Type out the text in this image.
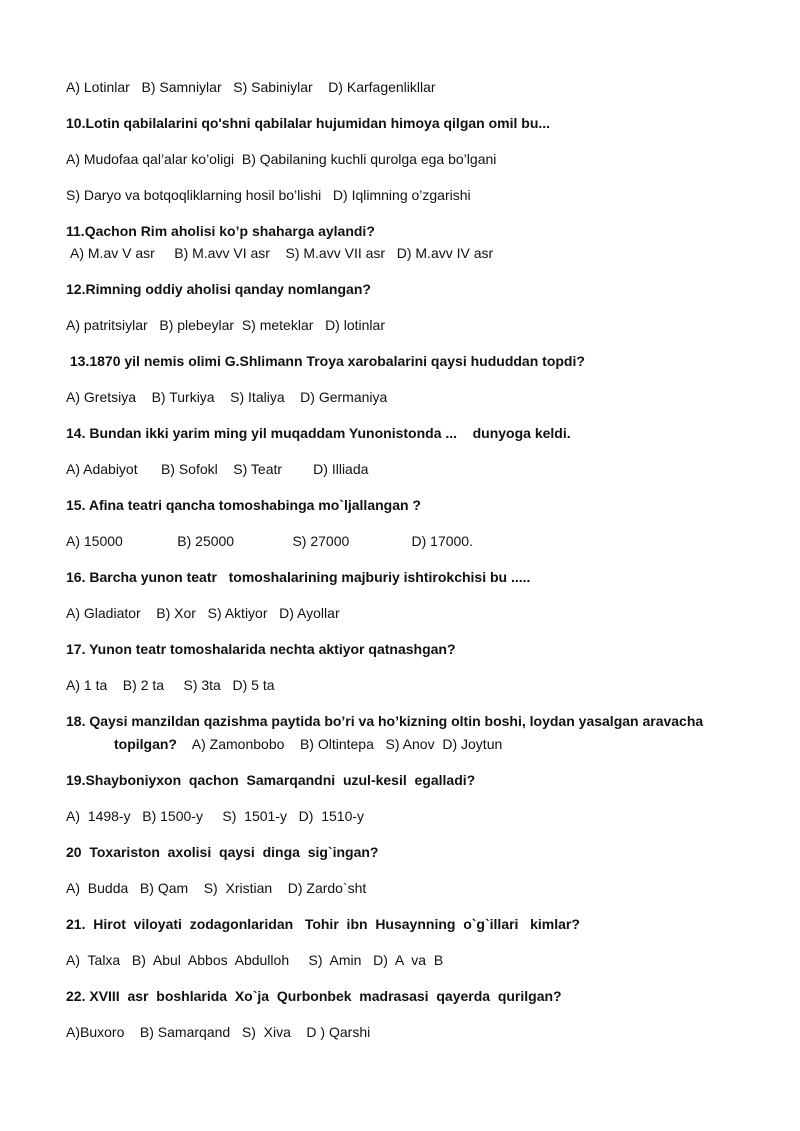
A) Lotinlar   B) Samniylar   S) Sabiniylar    D) Karfagenlikllar
10.Lotin qabilalarini qo'shni qabilalar hujumidan himoya qilgan omil bu...
A) Mudofaa qal’alar ko’oligi  B) Qabilaning kuchli qurolga ega bo’lgani
S) Daryo va botqoqliklarning hosil bo’lishi   D) Iqlimning o’zgarishi
11.Qachon Rim aholisi ko’p shaharga aylandi?
A) M.av V asr     B) M.avv VI asr    S) M.avv VII asr   D) M.avv IV asr
12.Rimning oddiy aholisi qanday nomlangan?
A) patritsiylar   B) plebeylar  S) meteklar   D) lotinlar
13.1870 yil nemis olimi G.Shlimann Troya xarobalarini qaysi hududdan topdi?
A) Gretsiya    B) Turkiya    S) Italiya    D) Germaniya
14. Bundan ikki yarim ming yil muqaddam Yunonistonda ...    dunyoga keldi.
A) Adabiyot      B) Sofokl    S) Teatr        D) Illiada
15. Afina teatri qancha tomoshabinga mo`ljallangan ?
A) 15000              B) 25000               S) 27000                D) 17000.
16. Barcha yunon teatr   tomoshalarining majburiy ishtirokchisi bu .....
A) Gladiator    B) Xor   S) Aktiyor   D) Ayollar
17. Yunon teatr tomoshalarida nechta aktiyor qatnashgan?
A) 1 ta    B) 2 ta     S) 3ta   D) 5 ta
18. Qaysi manzildan qazishma paytida bo’ri va ho’kizning oltin boshi, loydan yasalgan aravacha
topilgan?    A) Zamonbobo    B) Oltintepa   S) Anov  D) Joytun
19.Shayboniyxon  qachon  Samarqandni  uzul-kesil  egalladi?
A)  1498-y   B) 1500-y     S)  1501-y   D)  1510-y
20  Toxariston  axolisi  qaysi  dinga  sig`ingan?
A)  Budda   B) Qam    S)  Xristian    D) Zardo`sht
21.  Hirot  viloyati  zodagonlaridan   Tohir  ibn  Husaynning  o`g`illari   kimlar?
A)  Talxa   B)  Abul  Abbos  Abdulloh     S)  Amin   D)  A  va  B
22. XVIII  asr  boshlarida  Xo`ja  Qurbonbek  madrasasi  qayerda  qurilgan?
A)Buxoro    B) Samarqand   S)  Xiva    D ) Qarshi
